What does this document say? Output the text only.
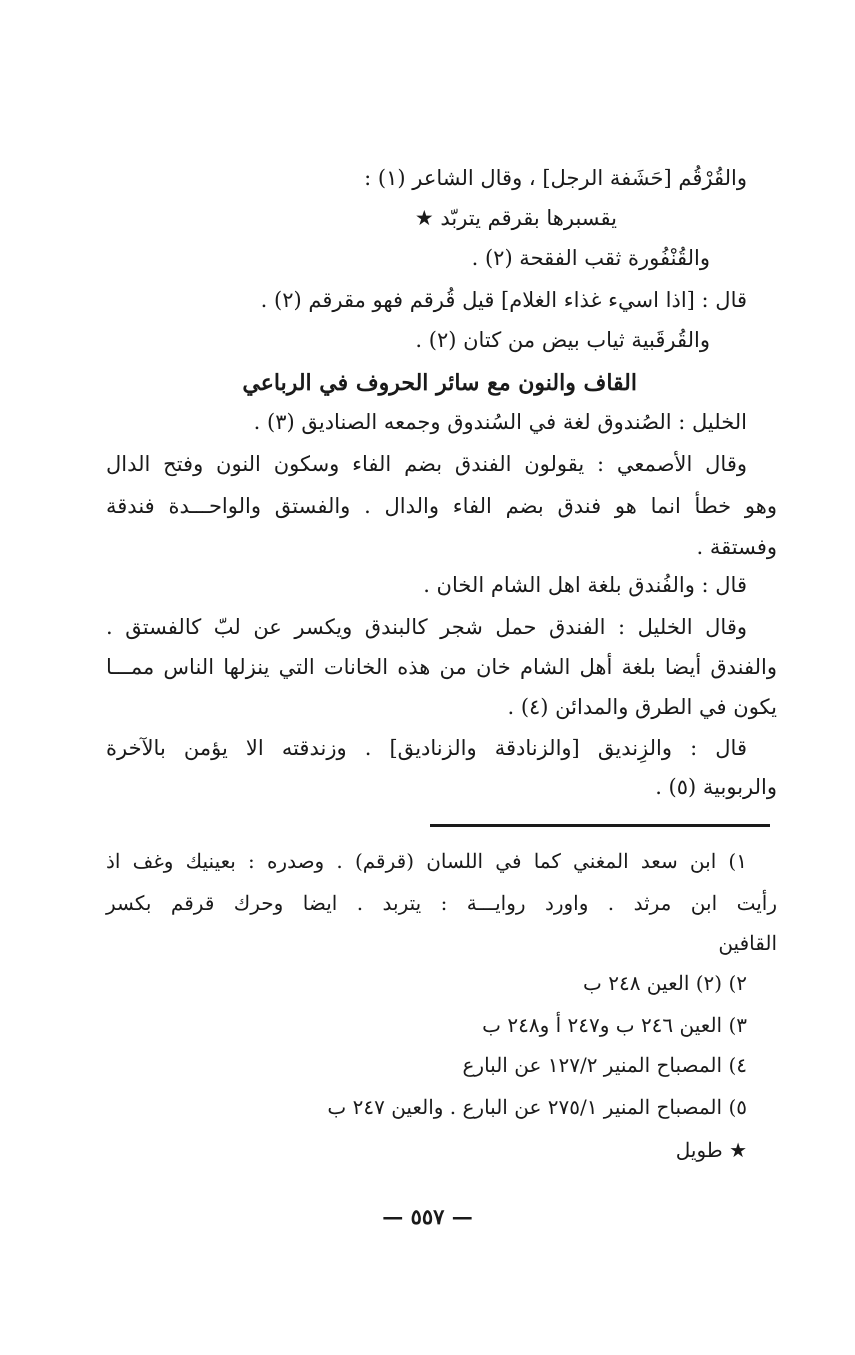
والقُرْقُم [حَشَفة الرجل] ، وقال الشاعر (١) :
يقسبرها بقرقم يتربّد ★
والقُنْفُورة ثقب الفقحة (٢) .
قال : [اذا اسيء غذاء الغلام] قيل قُرقم فهو مقرقم (٢) .
والقُرقَبية ثياب بيض من كتان (٢) .
القاف والنون مع سائر الحروف في الرباعي
الخليل : الصُندوق لغة في السُندوق وجمعه الصناديق (٣) .
وقال الأصمعي : يقولون الفندق بضم الفاء وسكون النون وفتح الدال
وهو خطأ انما هو فندق بضم الفاء والدال . والفستق والواحـــدة فندقة
وفستقة .
قال : والفُندق بلغة اهل الشام الخان .
وقال الخليل : الفندق حمل شجر كالبندق ويكسر عن لبّ كالفستق .
والفندق أيضا بلغة أهل الشام خان من هذه الخانات التي ينزلها الناس ممـــا
يكون في الطرق والمدائن (٤) .
قال : والزِنديق [والزنادقة والزناديق] . وزندقته الا يؤمن بالآخرة
والربوبية (٥) .
١) ابن سعد المغني كما في اللسان (قرقم) . وصدره : بعينيك وغف اذ
رأيت ابن مرثد . واورد روايـــة : يتربد . ايضا وحرك قرقم بكسر
القافين
٢) (٢) العين ٢٤٨ ب
٣) العين ٢٤٦ ب و٢٤٧ أ و٢٤٨ ب
٤) المصباح المنير ١٢٧/٢ عن البارع
٥) المصباح المنير ٢٧٥/١ عن البارع . والعين ٢٤٧ ب
★ طويل
— ٥٥٧ —
